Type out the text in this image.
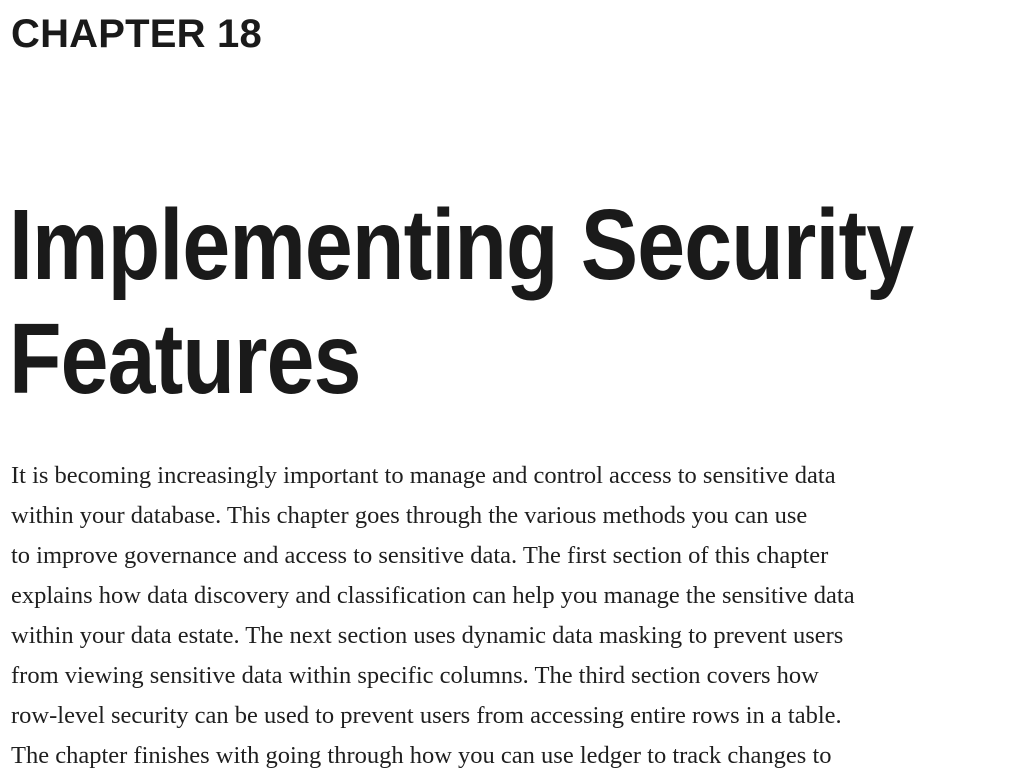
CHAPTER 18
Implementing Security
Features

It is becoming increasingly important to manage and control access to sensitive data
within your database. This chapter goes through the various methods you can use
to improve governance and access to sensitive data. The first section of this chapter
explains how data discovery and classification can help you manage the sensitive data
within your data estate. The next section uses dynamic data masking to prevent users
from viewing sensitive data within specific columns. The third section covers how
row-level security can be used to prevent users from accessing entire rows in a table.
The chapter finishes with going through how you can use ledger to track changes to
